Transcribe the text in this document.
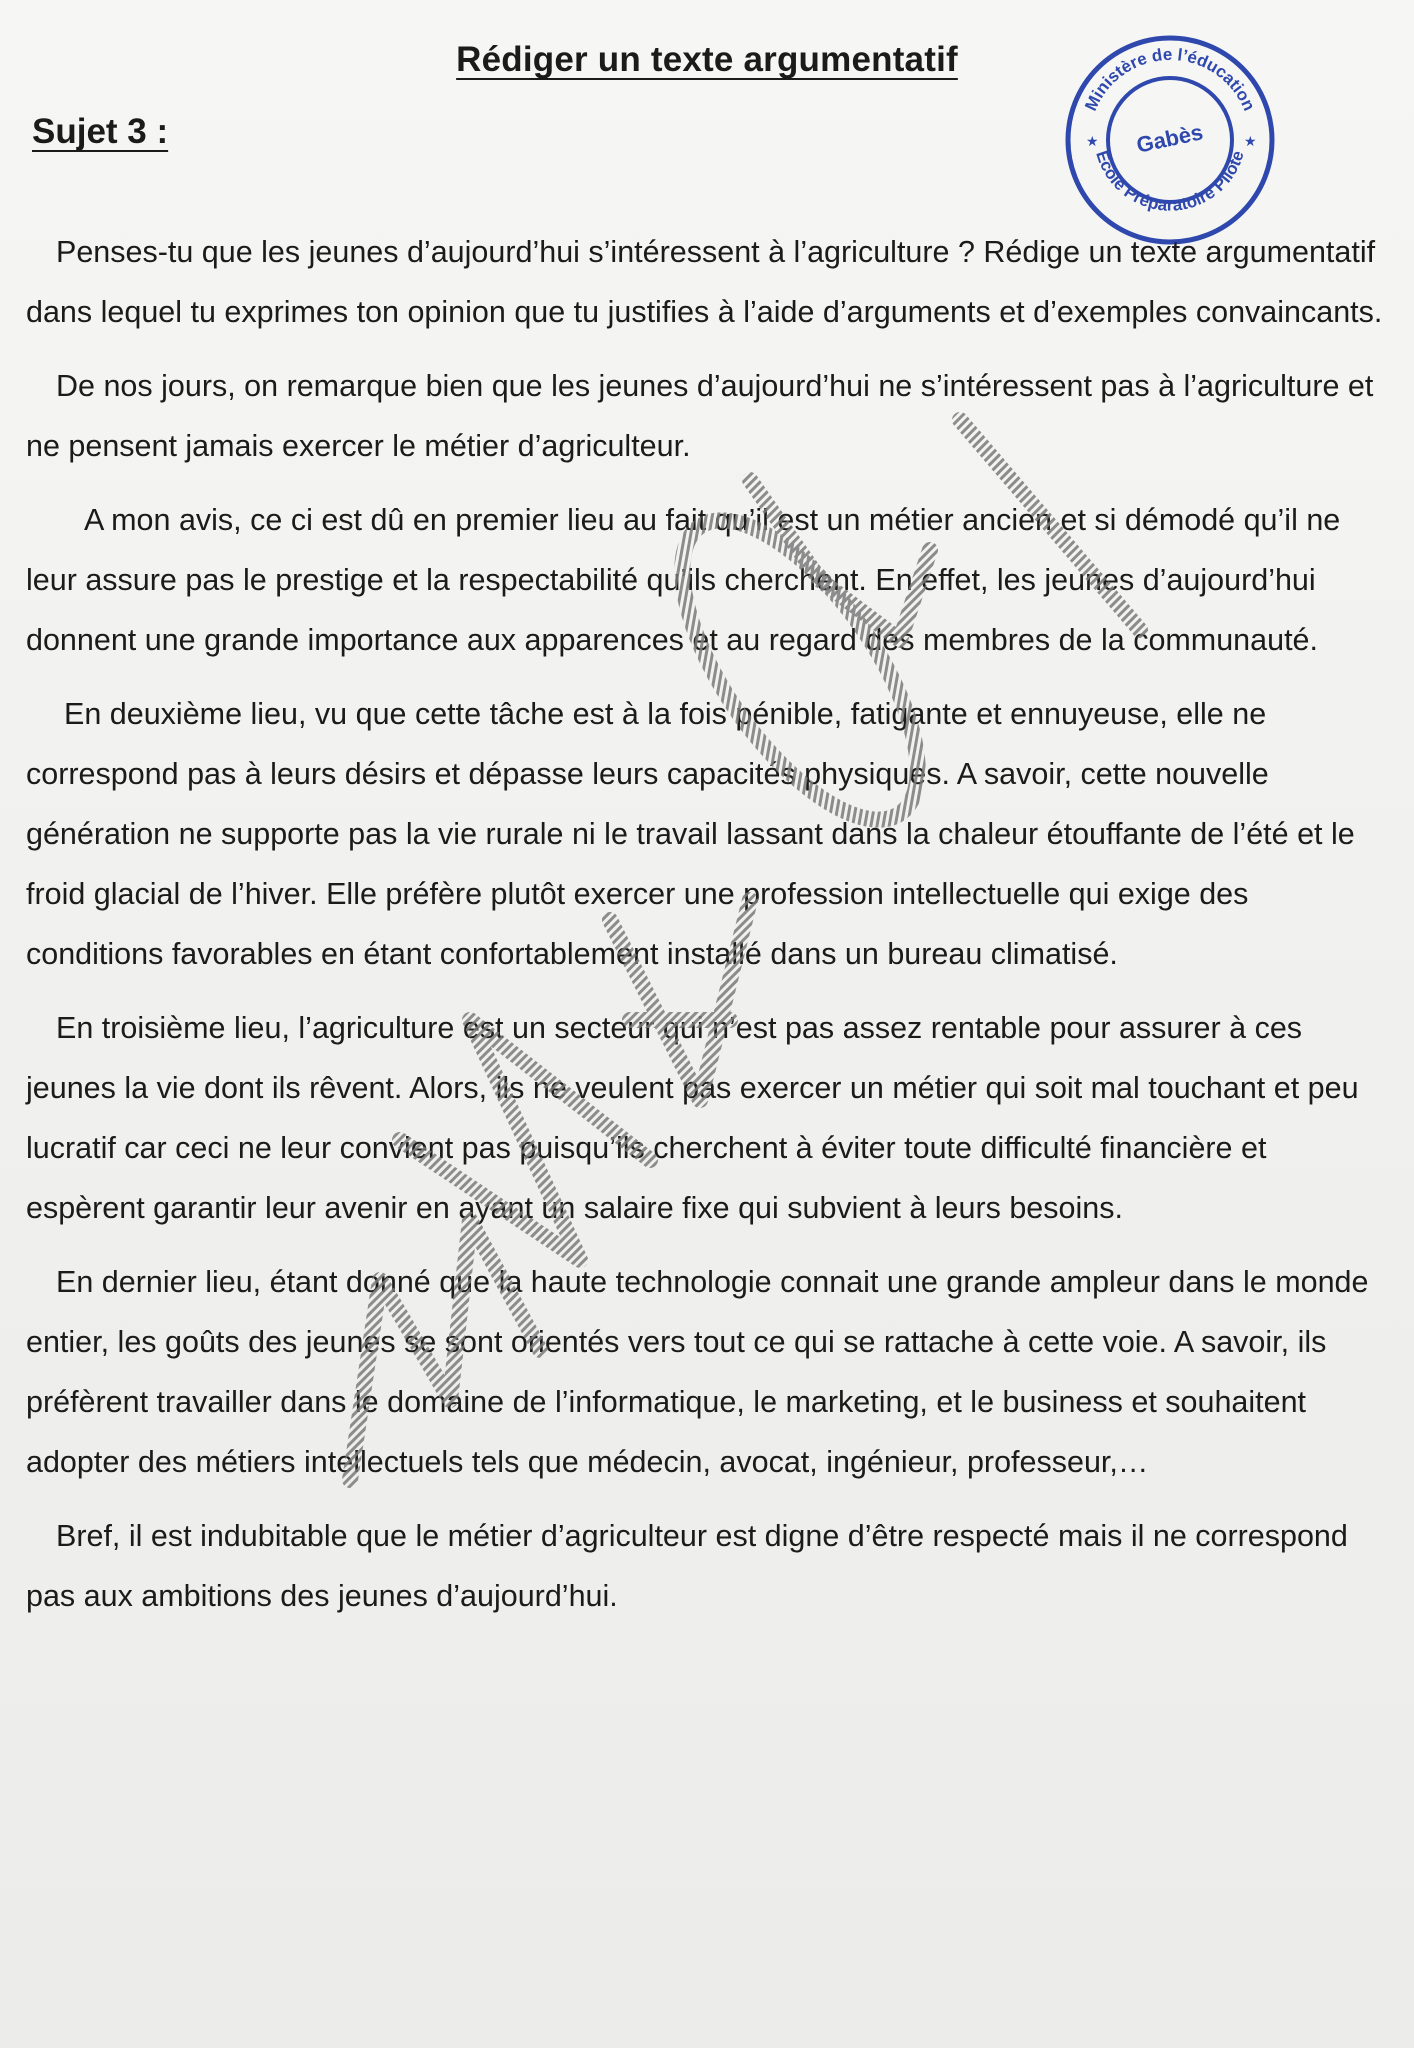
Rédiger un texte argumentatif
Sujet 3 :
Ministère de l’éducation
Ecole Préparatoire Pilote
Gabès
★	★

Penses-tu que les jeunes d’aujourd’hui s’intéressent à l’agriculture ? Rédige un texte argumentatif dans lequel tu exprimes ton opinion que tu justifies à l’aide d’arguments et d’exemples convaincants.

De nos jours, on remarque bien que les jeunes d’aujourd’hui ne s’intéressent pas à l’agriculture et ne pensent jamais exercer le métier d’agriculteur.

A mon avis, ce ci est dû en premier lieu au fait qu’il est un métier ancien et si démodé qu’il ne leur assure pas le prestige et la respectabilité qu’ils cherchent. En effet, les jeunes d’aujourd’hui donnent une grande importance aux apparences et au regard des membres de la communauté.

En deuxième lieu, vu que cette tâche est à la fois pénible, fatigante et ennuyeuse, elle ne correspond pas à leurs désirs et dépasse leurs capacités physiques. A savoir, cette nouvelle génération ne supporte pas la vie rurale ni le travail lassant dans la chaleur étouffante de l’été et le froid glacial de l’hiver. Elle préfère plutôt exercer une profession intellectuelle qui exige des conditions favorables en étant confortablement installé dans un bureau climatisé.

En troisième lieu, l’agriculture est un secteur qui n’est pas assez rentable pour assurer à ces jeunes la vie dont ils rêvent. Alors, ils ne veulent pas exercer un métier qui soit mal touchant et peu lucratif car ceci ne leur convient pas puisqu’ils cherchent à éviter toute difficulté financière et espèrent garantir leur avenir en ayant un salaire fixe qui subvient à leurs besoins.

En dernier lieu, étant donné que la haute technologie connait une grande ampleur dans le monde entier, les goûts des jeunes se sont orientés vers tout ce qui se rattache à cette voie. A savoir, ils préfèrent travailler dans le domaine de l’informatique, le marketing, et le business et souhaitent adopter des métiers intellectuels tels que médecin, avocat, ingénieur, professeur,…

Bref, il est indubitable que le métier d’agriculteur est digne d’être respecté mais il ne correspond pas aux ambitions des jeunes d’aujourd’hui.
